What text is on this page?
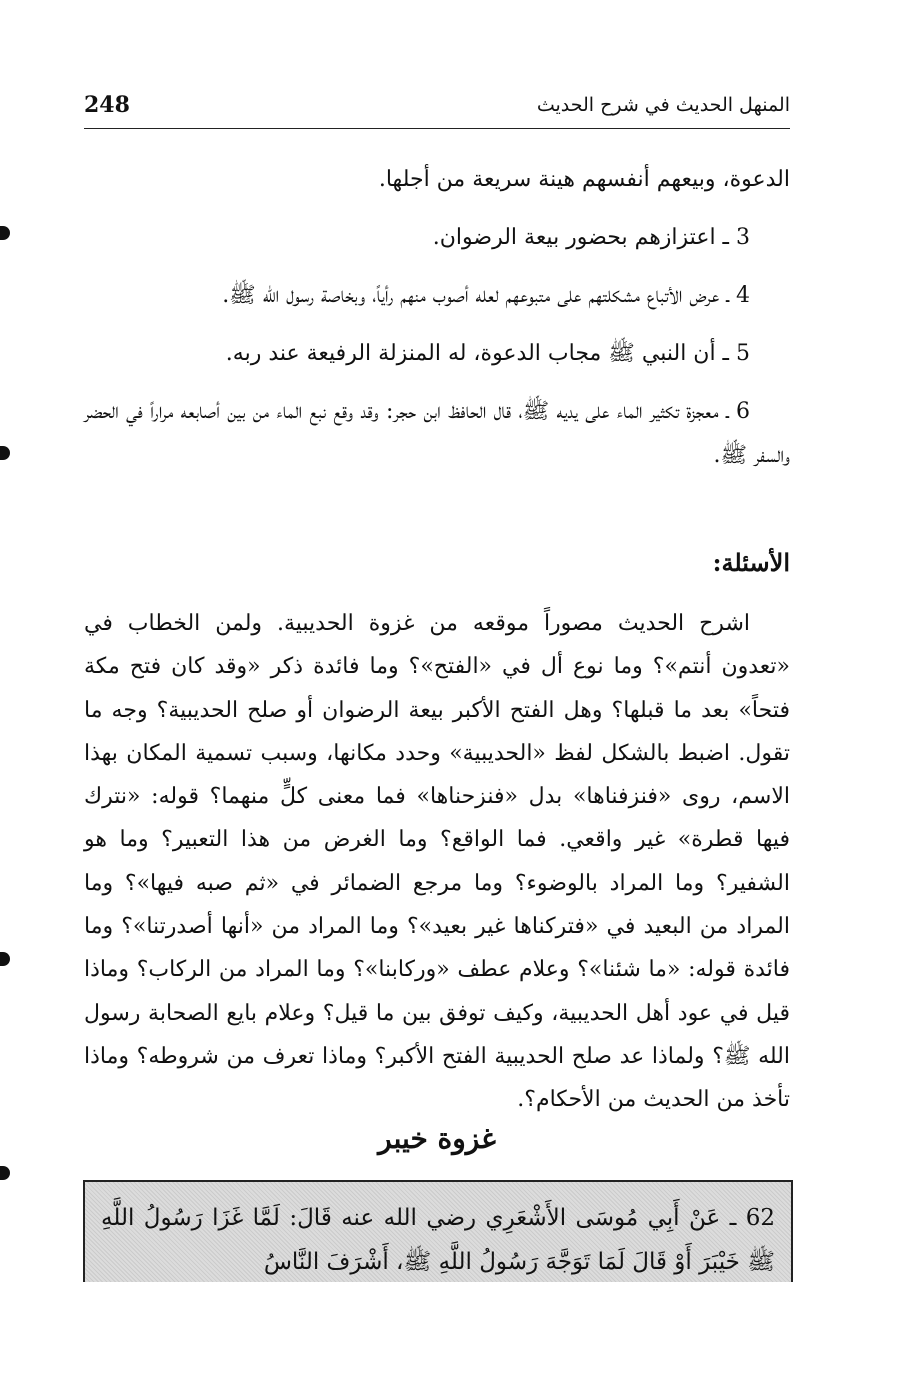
248	المنهل الحديث في شرح الحديث

الدعوة، وبيعهم أنفسهم هينة سريعة من أجلها.

3 ـ اعتزازهم بحضور بيعة الرضوان.

4 ـ عرض الأتباع مشكلتهم على متبوعهم لعله أصوب منهم رأياً، وبخاصة رسول الله ﷺ.

5 ـ أن النبي ﷺ مجاب الدعوة، له المنزلة الرفيعة عند ربه.

6 ـ معجزة تكثير الماء على يديه ﷺ، قال الحافظ ابن حجر: وقد وقع نبع الماء من بين أصابعه مراراً في الحضر والسفر ﷺ.

الأسئلة:
اشرح الحديث مصوراً موقعه من غزوة الحديبية. ولمن الخطاب في «تعدون أنتم»؟ وما نوع أل في «الفتح»؟ وما فائدة ذكر «وقد كان فتح مكة فتحاً» بعد ما قبلها؟ وهل الفتح الأكبر بيعة الرضوان أو صلح الحديبية؟ وجه ما تقول. اضبط بالشكل لفظ «الحديبية» وحدد مكانها، وسبب تسمية المكان بهذا الاسم، روى «فنزفناها» بدل «فنزحناها» فما معنى كلٍّ منهما؟ قوله: «نترك فيها قطرة» غير واقعي. فما الواقع؟ وما الغرض من هذا التعبير؟ وما هو الشفير؟ وما المراد بالوضوء؟ وما مرجع الضمائر في «ثم صبه فيها»؟ وما المراد من البعيد في «فتركناها غير بعيد»؟ وما المراد من «أنها أصدرتنا»؟ وما فائدة قوله: «ما شئنا»؟ وعلام عطف «وركابنا»؟ وما المراد من الركاب؟ وماذا قيل في عود أهل الحديبية، وكيف توفق بين ما قيل؟ وعلام بايع الصحابة رسول الله ﷺ؟ ولماذا عد صلح الحديبية الفتح الأكبر؟ وماذا تعرف من شروطه؟ وماذا تأخذ من الحديث من الأحكام؟.
غزوة خيبر
62 ـ عَنْ أَبِي مُوسَى الأَشْعَرِي رضي الله عنه قَالَ: لَمَّا غَزَا رَسُولُ اللَّهِ ﷺ خَيْبَرَ أَوْ قَالَ لَمَا تَوَجَّهَ رَسُولُ اللَّهِ ﷺ، أَشْرَفَ النَّاسُ
